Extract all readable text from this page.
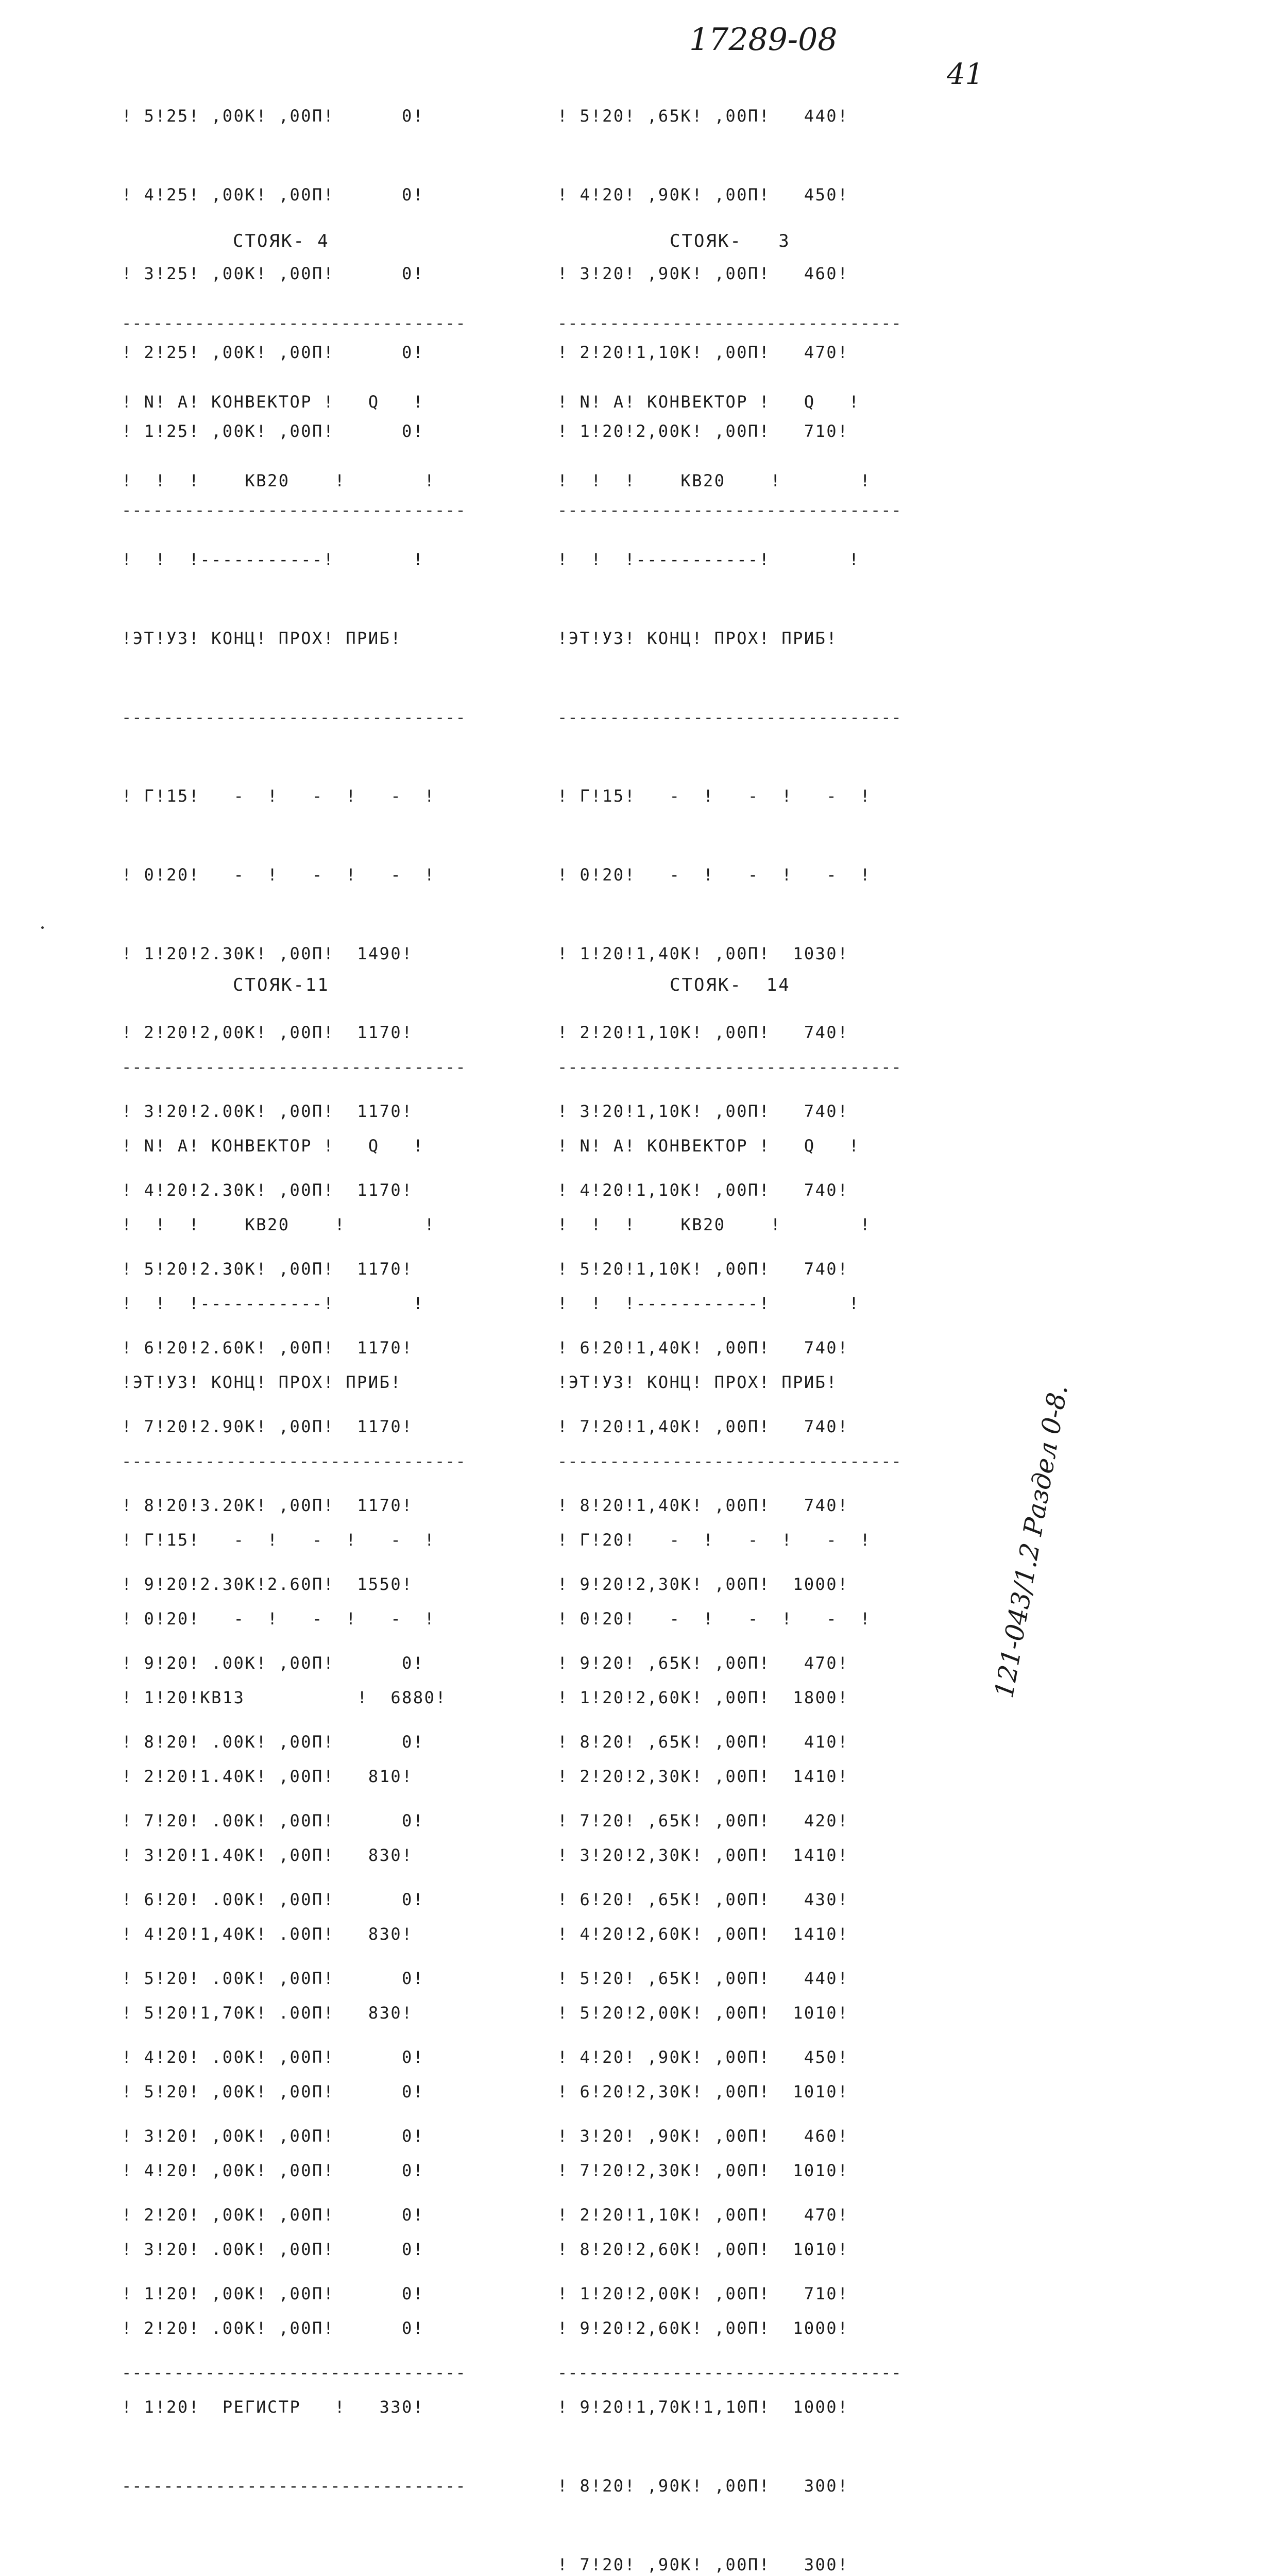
17289-08
41
121-043/1.2 Раздел 0-8.

! 5!25! ,00К! ,00П!      0!

! 4!25! ,00К! ,00П!      0!

! 3!25! ,00К! ,00П!      0!

! 2!25! ,00К! ,00П!      0!

! 1!25! ,00К! ,00П!      0!

---------------------------------

! 5!20! ,65К! ,00П!   440!

! 4!20! ,90К! ,00П!   450!

! 3!20! ,90К! ,00П!   460!

! 2!20!1,10К! ,00П!   470!

! 1!20!2,00К! ,00П!   710!

---------------------------------

СТОЯК- 4

---------------------------------

! N! А! КОНВЕКТОР !   Q   !

!  !  !    КВ20    !       !

!  !  !-----------!       !

!ЭТ!УЗ! КОНЦ! ПРОХ! ПРИБ!

---------------------------------

! Г!15!   -  !   -  !   -  !

! 0!20!   -  !   -  !   -  !

! 1!20!2.30К! ,00П!  1490!

! 2!20!2,00К! ,00П!  1170!

! 3!20!2.00К! ,00П!  1170!

! 4!20!2.30К! ,00П!  1170!

! 5!20!2.30К! ,00П!  1170!

! 6!20!2.60К! ,00П!  1170!

! 7!20!2.90К! ,00П!  1170!

! 8!20!3.20К! ,00П!  1170!

! 9!20!2.30К!2.60П!  1550!

! 9!20! .00К! ,00П!      0!

! 8!20! .00К! ,00П!      0!

! 7!20! .00К! ,00П!      0!

! 6!20! .00К! ,00П!      0!

! 5!20! .00К! ,00П!      0!

! 4!20! .00К! ,00П!      0!

! 3!20! ,00К! ,00П!      0!

! 2!20! ,00К! ,00П!      0!

! 1!20! ,00К! ,00П!      0!

---------------------------------

СТОЯК-   3

---------------------------------

! N! А! КОНВЕКТОР !   Q   !

!  !  !    КВ20    !       !

!  !  !-----------!       !

!ЭТ!УЗ! КОНЦ! ПРОХ! ПРИБ!

---------------------------------

! Г!15!   -  !   -  !   -  !

! 0!20!   -  !   -  !   -  !

! 1!20!1,40К! ,00П!  1030!

! 2!20!1,10К! ,00П!   740!

! 3!20!1,10К! ,00П!   740!

! 4!20!1,10К! ,00П!   740!

! 5!20!1,10К! ,00П!   740!

! 6!20!1,40К! ,00П!   740!

! 7!20!1,40К! ,00П!   740!

! 8!20!1,40К! ,00П!   740!

! 9!20!2,30К! ,00П!  1000!

! 9!20! ,65К! ,00П!   470!

! 8!20! ,65К! ,00П!   410!

! 7!20! ,65К! ,00П!   420!

! 6!20! ,65К! ,00П!   430!

! 5!20! ,65К! ,00П!   440!

! 4!20! ,90К! ,00П!   450!

! 3!20! ,90К! ,00П!   460!

! 2!20!1,10К! ,00П!   470!

! 1!20!2,00К! ,00П!   710!

---------------------------------

СТОЯК-11

---------------------------------

! N! А! КОНВЕКТОР !   Q   !

!  !  !    КВ20    !       !

!  !  !-----------!       !

!ЭТ!УЗ! КОНЦ! ПРОХ! ПРИБ!

---------------------------------

! Г!15!   -  !   -  !   -  !

! 0!20!   -  !   -  !   -  !

! 1!20!КВ13          !  6880!

! 2!20!1.40К! ,00П!   810!

! 3!20!1.40К! ,00П!   830!

! 4!20!1,40К! .00П!   830!

! 5!20!1,70К! .00П!   830!

! 5!20! ,00К! ,00П!      0!

! 4!20! ,00К! ,00П!      0!

! 3!20! .00К! ,00П!      0!

! 2!20! .00К! ,00П!      0!

! 1!20!  РЕГИСТР   !   330!

---------------------------------

СТОЯК-  14

---------------------------------

! N! А! КОНВЕКТОР !   Q   !

!  !  !    КВ20    !       !

!  !  !-----------!       !

!ЭТ!УЗ! КОНЦ! ПРОХ! ПРИБ!

---------------------------------

! Г!20!   -  !   -  !   -  !

! 0!20!   -  !   -  !   -  !

! 1!20!2,60К! ,00П!  1800!

! 2!20!2,30К! ,00П!  1410!

! 3!20!2,30К! ,00П!  1410!

! 4!20!2,60К! ,00П!  1410!

! 5!20!2,00К! ,00П!  1010!

! 6!20!2,30К! ,00П!  1010!

! 7!20!2,30К! ,00П!  1010!

! 8!20!2,60К! ,00П!  1010!

! 9!20!2,60К! ,00П!  1000!

! 9!20!1,70К!1,10П!  1000!

! 8!20! ,90К! ,00П!   300!

! 7!20! ,90К! ,00П!   300!
